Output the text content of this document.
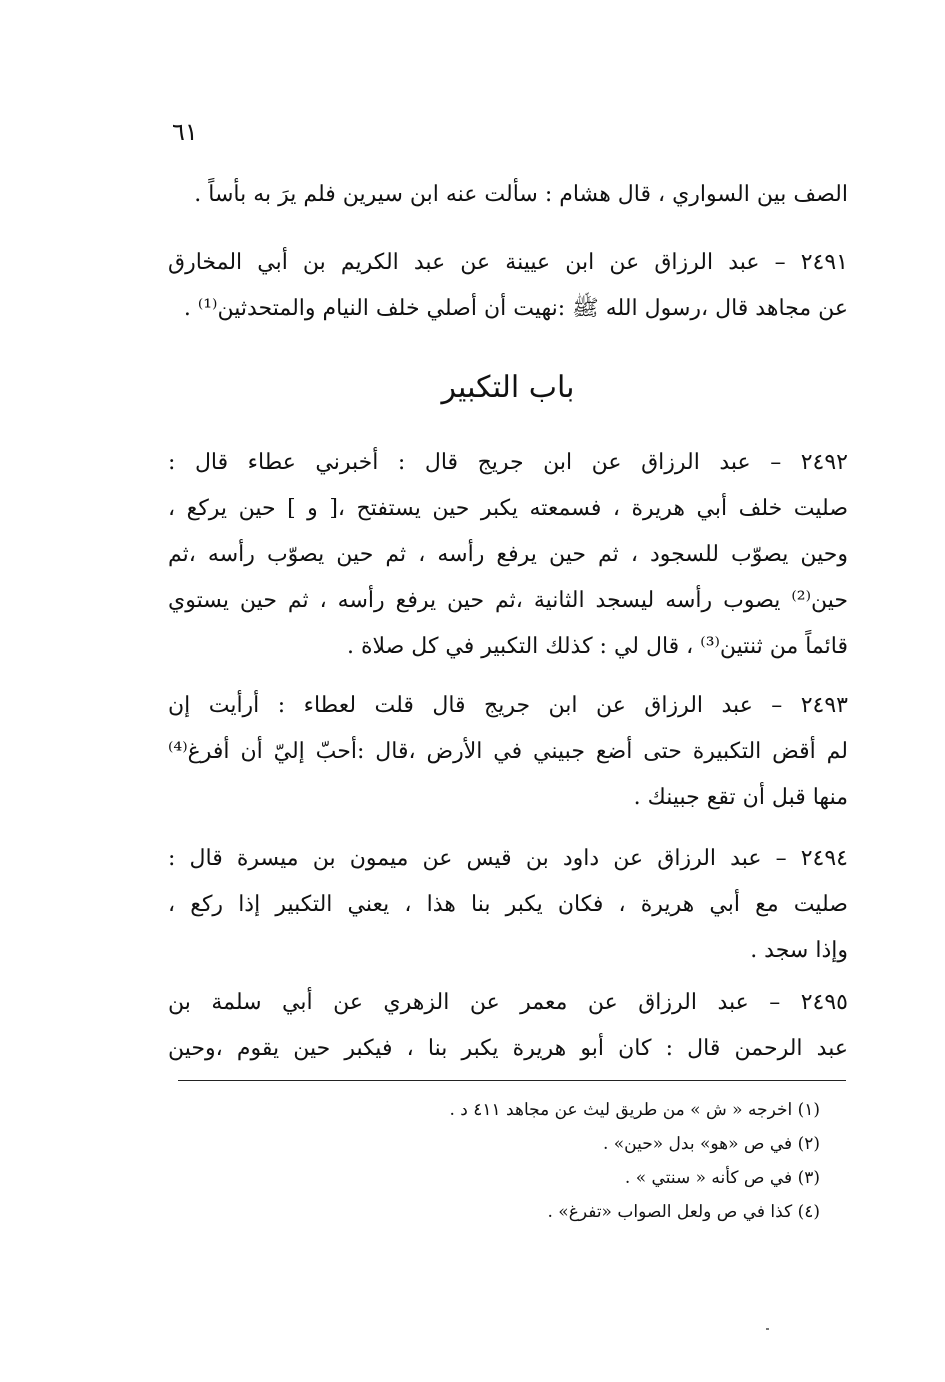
٦١
الصف بين السواري ، قال هشام : سألت عنه ابن سيرين فلم يرَ به بأساً .
٢٤٩١ – عبد الرزاق عن ابن عيينة عن عبد الكريم بن أبي المخارق
عن مجاهد قال ،رسول الله ﷺ :نهيت أن أصلي خلف النيام والمتحدثين⁽¹⁾ .
باب التكبير
٢٤٩٢ – عبد الرزاق عن ابن جريج قال : أخبرني عطاء قال :
صليت خلف أبي هريرة ، فسمعته يكبر حين يستفتح ،[ و ] حين يركع ،
وحين يصوّب للسجود ، ثم حين يرفع رأسه ، ثم حين يصوّب رأسه ،ثم
حين⁽²⁾ يصوب رأسه ليسجد الثانية ،ثم حين يرفع رأسه ، ثم حين يستوي
قائماً من ثنتين⁽³⁾ ، قال لي : كذلك التكبير في كل صلاة .
٢٤٩٣ – عبد الرزاق عن ابن جريج قال قلت لعطاء : أرأيت إن
لم أقض التكبيرة حتى أضع جبيني في الأرض ،قال :أحبّ إليّ أن أفرغ⁽⁴⁾
منها قبل أن تقع جبينك .
٢٤٩٤ – عبد الرزاق عن داود بن قيس عن ميمون بن ميسرة قال :
صليت مع أبي هريرة ، فكان يكبر بنا هذا ، يعني التكبير إذا ركع ،
وإذا سجد .
٢٤٩٥ – عبد الرزاق عن معمر عن الزهري عن أبي سلمة بن
عبد الرحمن قال : كان أبو هريرة يكبر بنا ، فيكبر حين يقوم ،وحين
(١) اخرجه « ش » من طريق ليث عن مجاهد ٤١١ د .
(٢) في ص «هو» بدل «حين» .
(٣) في ص كأنه « سنتي » .
(٤) كذا في ص ولعل الصواب «تفرغ» .
